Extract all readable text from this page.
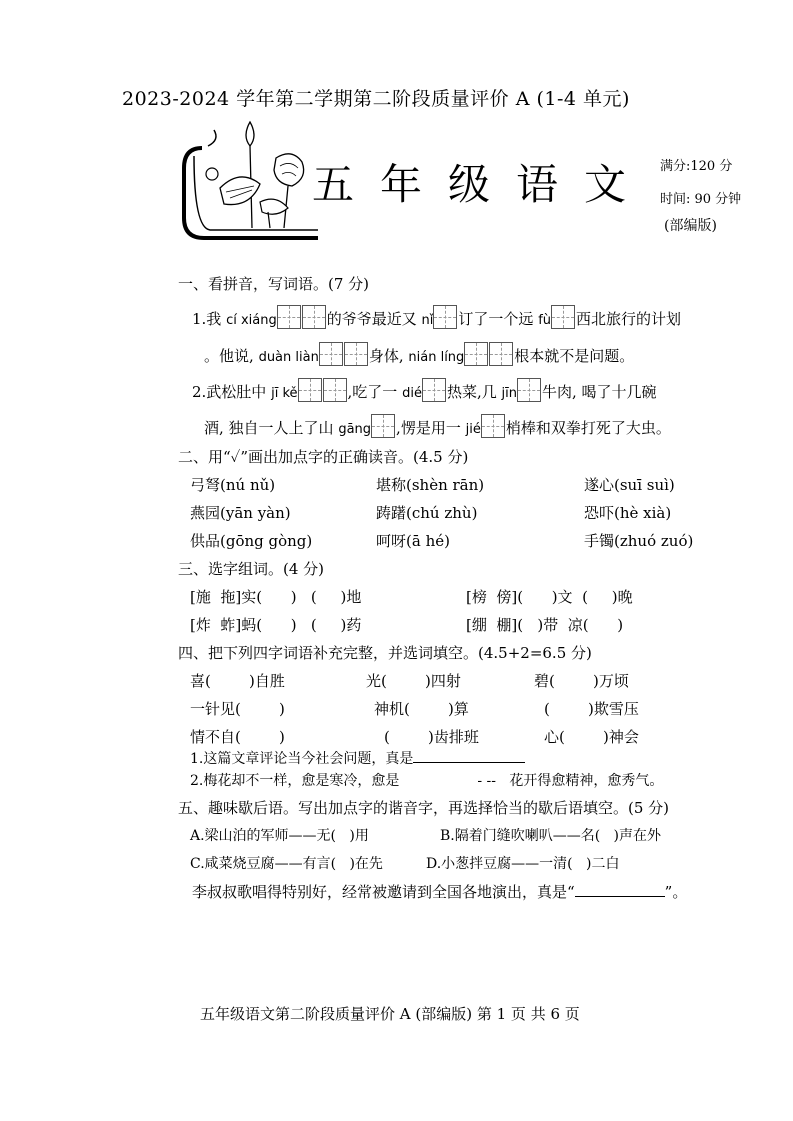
2023-2024 学年第二学期第二阶段质量评价 A (1-4 单元)
五年级语文 满分:120 分
时间: 90 分钟
(部编版)
一、看拼音，写词语。(7 分)
1.我 cí xiáng	的爷爷最近又 nǐ 订了一个远 fù 西北旅行的计划
。他说, duàn liàn	身体, nián líng	根本就不是问题。
2.武松肚中 jī kě	,吃了一 dié 热菜,几 jīn 牛肉, 喝了十几碗
酒, 独自一人上了山 gāng ,愣是用一 jié 梢棒和双拳打死了大虫。
二、用“✓”画出加点字的正确读音。(4.5 分)
弓弩(nú nǔ)	堪称(shèn rān)	遂心(suī suì)
燕园(yān yàn)	踌躇(chú zhù)	恐吓(hè xià)
供品(gōng gòng)	呵呀(ā hé)	手镯(zhuó zuó)
三、选字组词。(4 分)
[施  拖]实(      )   (     )地	[榜  傍](      )文  (     )晚
[炸  蚱]蚂(      )   (     )药	[绷  棚](   )带  凉(      )
四、把下列四字词语补充完整，并选词填空。(4.5+2=6.5 分)
喜(        )自胜	光(        )四射	碧(        )万顷
一针见(        )	神机(        )算	(        )欺雪压
情不自(        )	(        )齿排班	心(        )神会
1.这篇文章评论当今社会问题，真是
2.梅花却不一样，愈是寒冷，愈是	- --   花开得愈精神，愈秀气。
五、趣味歇后语。写出加点字的谐音字，再选择恰当的歇后语填空。(5 分)
A.梁山泊的军师——无(   )用	B.隔着门缝吹喇叭——名(   )声在外
C.咸菜烧豆腐——有言(   )在先	D.小葱拌豆腐——一清(   )二白
李叔叔歌唱得特别好，经常被邀请到全国各地演出，真是“	”。
五年级语文第二阶段质量评价 A (部编版) 第 1 页 共 6 页
